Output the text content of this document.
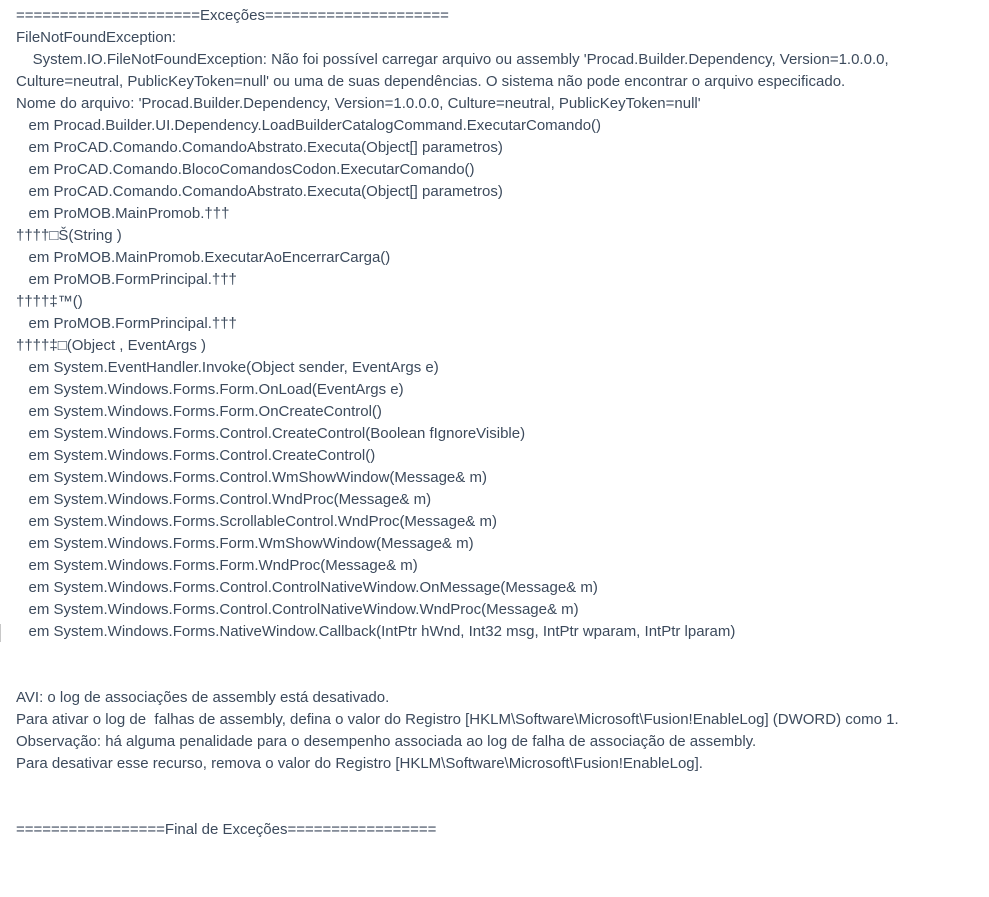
=====================Exceções=====================
FileNotFoundException:
System.IO.FileNotFoundException: Não foi possível carregar arquivo ou assembly 'Procad.Builder.Dependency, Version=1.0.0.0,
Culture=neutral, PublicKeyToken=null' ou uma de suas dependências. O sistema não pode encontrar o arquivo especificado.
Nome do arquivo: 'Procad.Builder.Dependency, Version=1.0.0.0, Culture=neutral, PublicKeyToken=null'
em Procad.Builder.UI.Dependency.LoadBuilderCatalogCommand.ExecutarComando()
em ProCAD.Comando.ComandoAbstrato.Executa(Object[] parametros)
em ProCAD.Comando.BlocoComandosCodon.ExecutarComando()
em ProCAD.Comando.ComandoAbstrato.Executa(Object[] parametros)
em ProMOB.MainPromob.†††
††††□Š(String )
em ProMOB.MainPromob.ExecutarAoEncerrarCarga()
em ProMOB.FormPrincipal.†††
††††‡™()
em ProMOB.FormPrincipal.†††
††††‡□(Object , EventArgs )
em System.EventHandler.Invoke(Object sender, EventArgs e)
em System.Windows.Forms.Form.OnLoad(EventArgs e)
em System.Windows.Forms.Form.OnCreateControl()
em System.Windows.Forms.Control.CreateControl(Boolean fIgnoreVisible)
em System.Windows.Forms.Control.CreateControl()
em System.Windows.Forms.Control.WmShowWindow(Message& m)
em System.Windows.Forms.Control.WndProc(Message& m)
em System.Windows.Forms.ScrollableControl.WndProc(Message& m)
em System.Windows.Forms.Form.WmShowWindow(Message& m)
em System.Windows.Forms.Form.WndProc(Message& m)
em System.Windows.Forms.Control.ControlNativeWindow.OnMessage(Message& m)
em System.Windows.Forms.Control.ControlNativeWindow.WndProc(Message& m)
em System.Windows.Forms.NativeWindow.Callback(IntPtr hWnd, Int32 msg, IntPtr wparam, IntPtr lparam)
AVI: o log de associações de assembly está desativado.
Para ativar o log de  falhas de assembly, defina o valor do Registro [HKLM\Software\Microsoft\Fusion!EnableLog] (DWORD) como 1.
Observação: há alguma penalidade para o desempenho associada ao log de falha de associação de assembly.
Para desativar esse recurso, remova o valor do Registro [HKLM\Software\Microsoft\Fusion!EnableLog].
=================Final de Exceções=================
